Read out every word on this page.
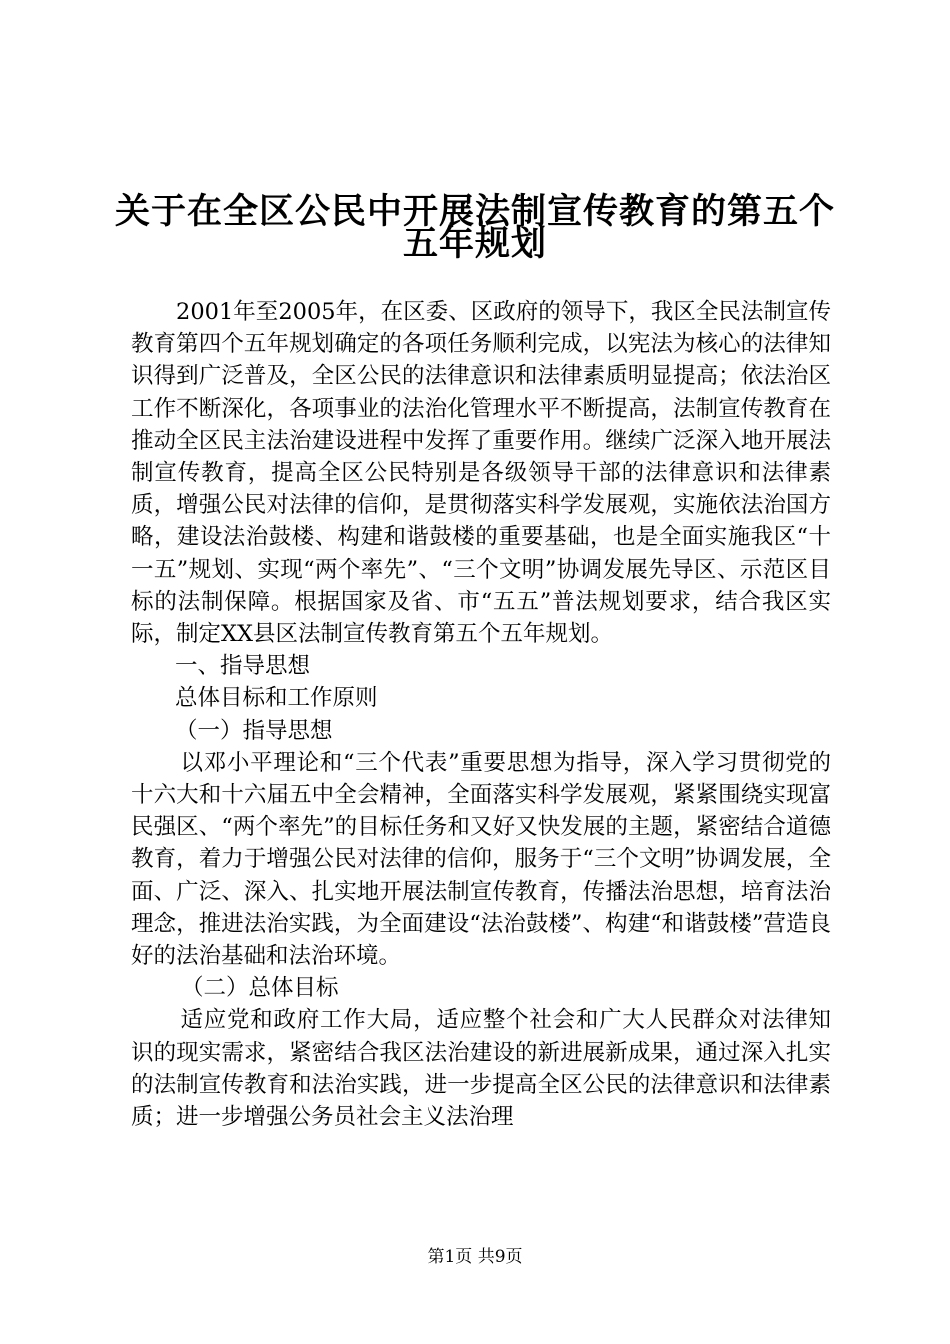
关于在全区公民中开展法制宣传教育的第五个
五年规划

2001年至2005年，在区委、区政府的领导下，我区全民法制宣传教育第四个五年规划确定的各项任务顺利完成，以宪法为核心的法律知识得到广泛普及，全区公民的法律意识和法律素质明显提高；依法治区工作不断深化，各项事业的法治化管理水平不断提高，法制宣传教育在推动全区民主法治建设进程中发挥了重要作用。继续广泛深入地开展法制宣传教育，提高全区公民特别是各级领导干部的法律意识和法律素质，增强公民对法律的信仰，是贯彻落实科学发展观，实施依法治国方略，建设法治鼓楼、构建和谐鼓楼的重要基础，也是全面实施我区“十一五”规划、实现“两个率先”、“三个文明”协调发展先导区、示范区目标的法制保障。根据国家及省、市“五五”普法规划要求，结合我区实际，制定XX县区法制宣传教育第五个五年规划。

一、指导思想

总体目标和工作原则

（一）指导思想

以邓小平理论和“三个代表”重要思想为指导，深入学习贯彻党的十六大和十六届五中全会精神，全面落实科学发展观，紧紧围绕实现富民强区、“两个率先”的目标任务和又好又快发展的主题，紧密结合道德教育，着力于增强公民对法律的信仰，服务于“三个文明”协调发展，全面、广泛、深入、扎实地开展法制宣传教育，传播法治思想，培育法治理念，推进法治实践，为全面建设“法治鼓楼”、构建“和谐鼓楼”营造良好的法治基础和法治环境。

（二）总体目标

适应党和政府工作大局，适应整个社会和广大人民群众对法律知识的现实需求，紧密结合我区法治建设的新进展新成果，通过深入扎实的法制宣传教育和法治实践，进一步提高全区公民的法律意识和法律素质；进一步增强公务员社会主义法治理

第1页 共9页
